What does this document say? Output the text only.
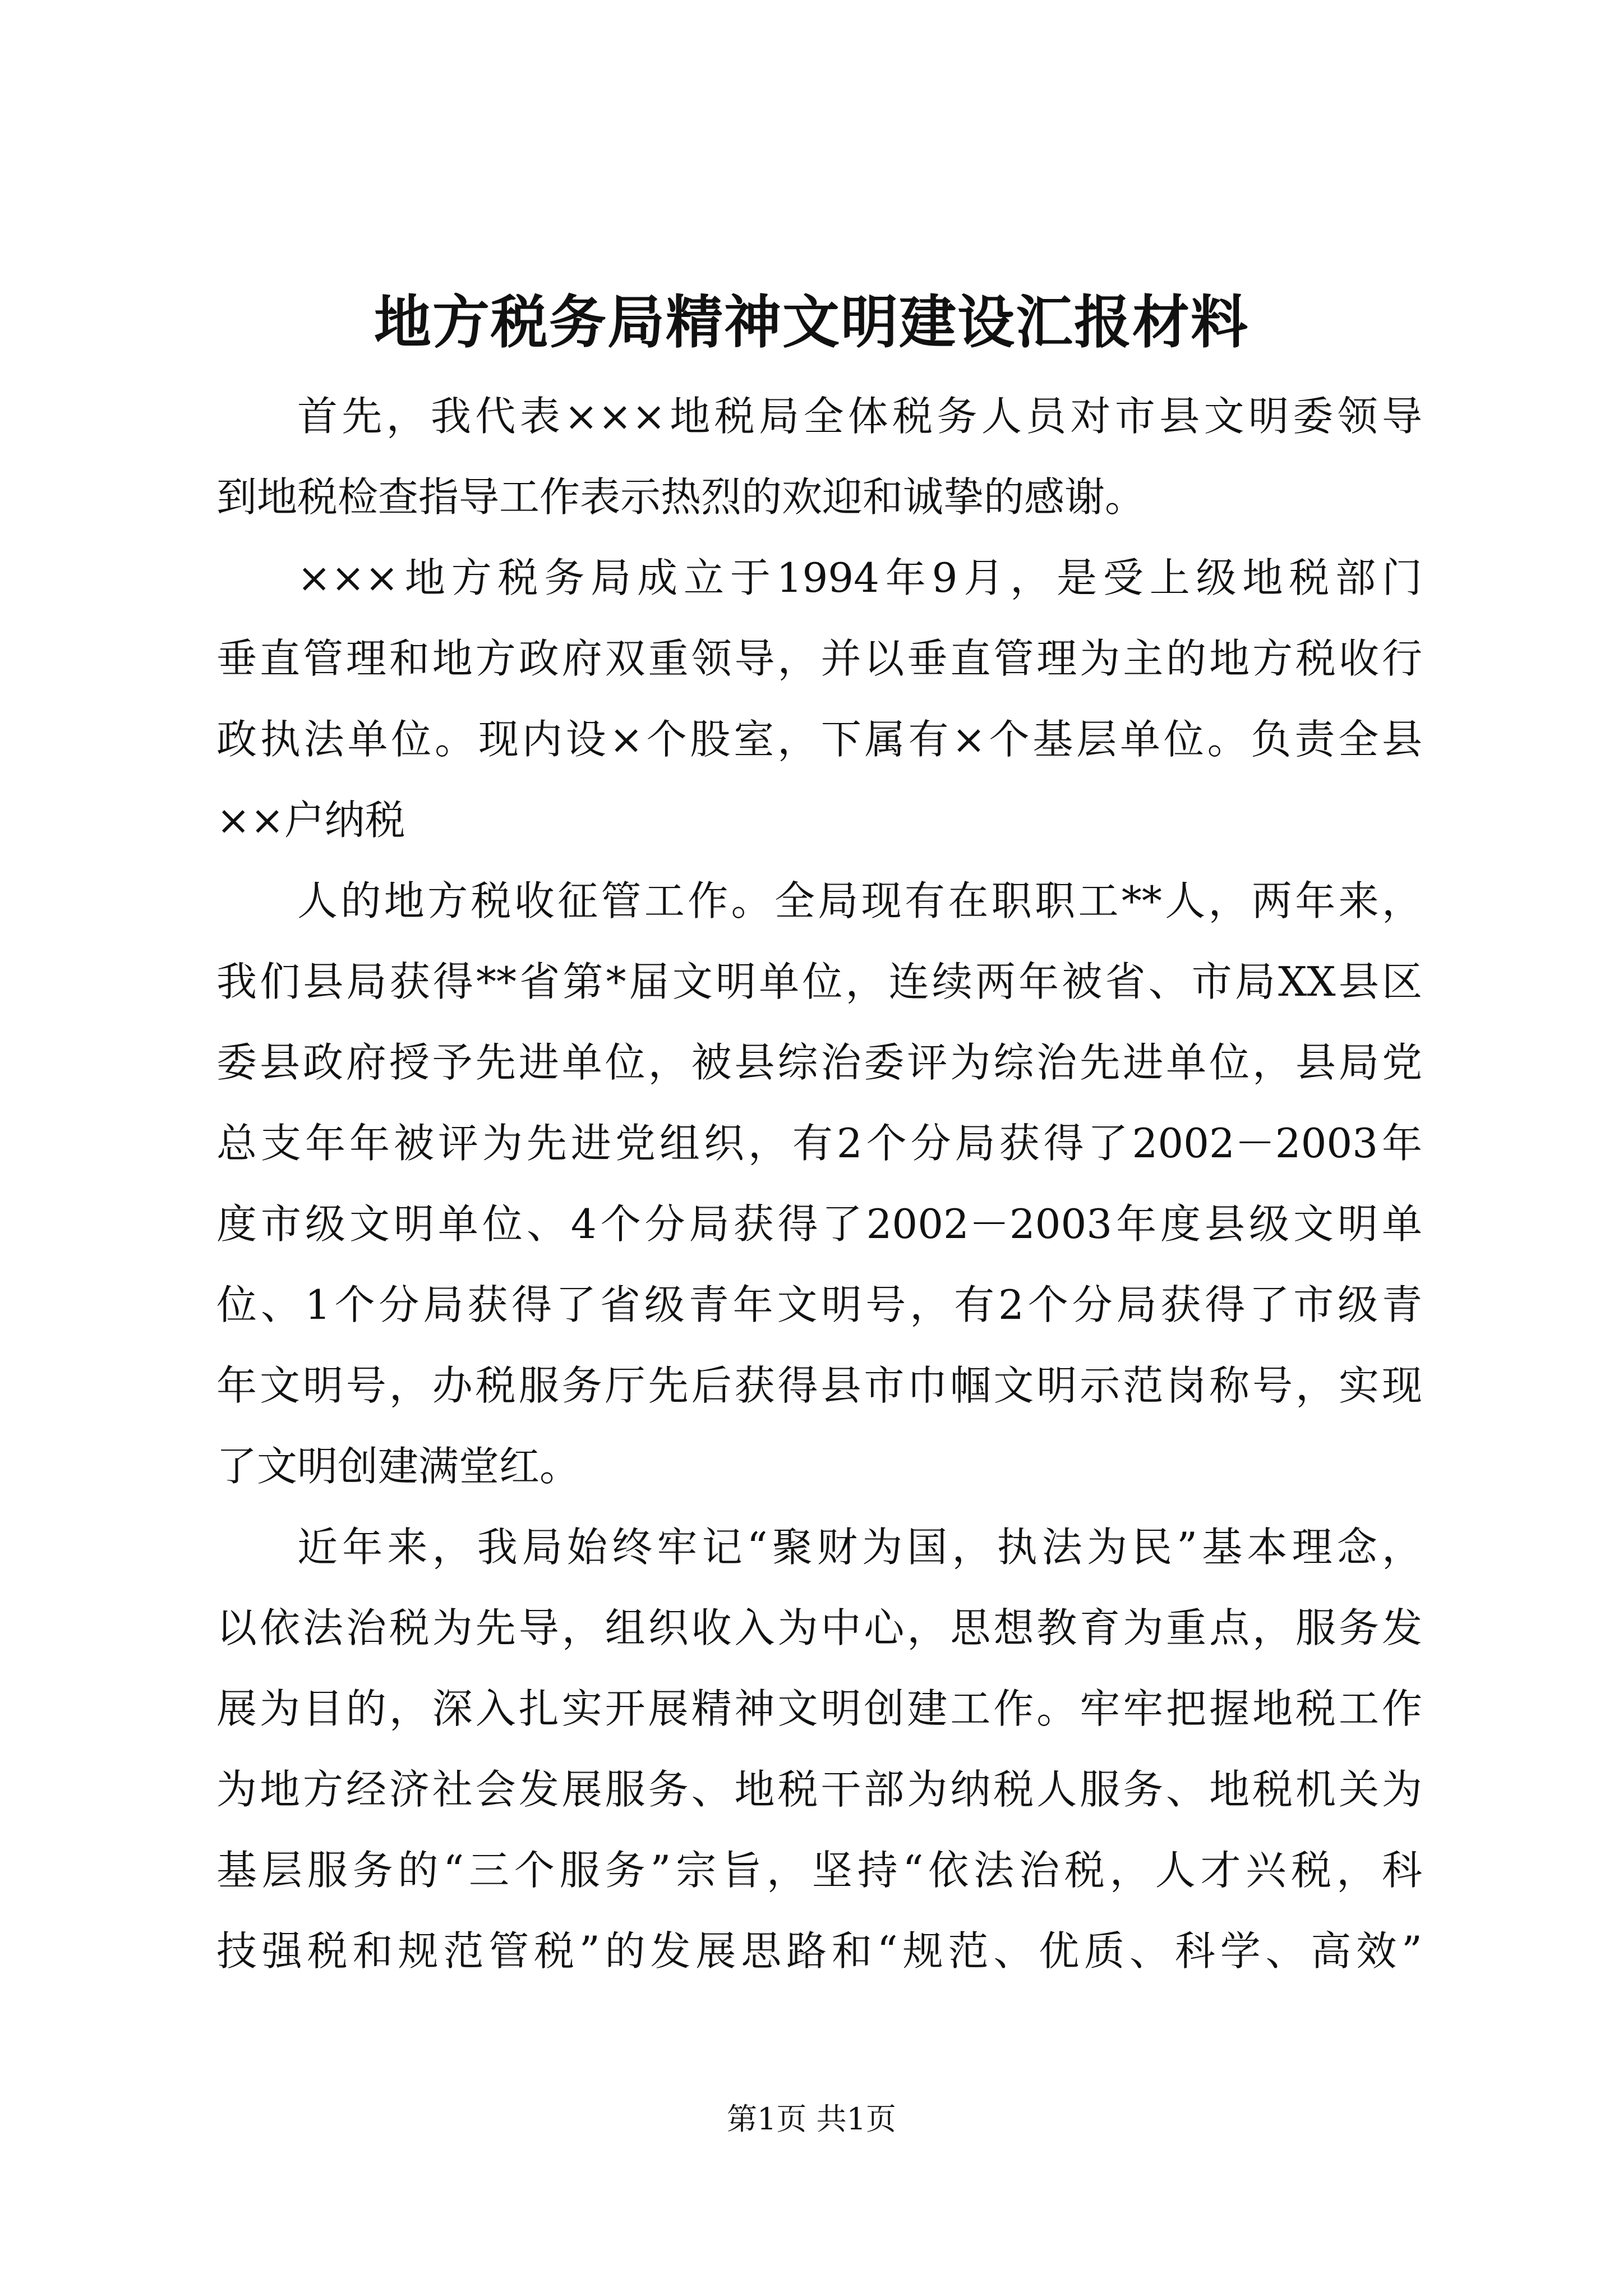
地方税务局精神文明建设汇报材料
首先，我代表×××地税局全体税务人员对市县文明委领导
到地税检查指导工作表示热烈的欢迎和诚挚的感谢。
×××地方税务局成立于1994年9月，是受上级地税部门
垂直管理和地方政府双重领导，并以垂直管理为主的地方税收行
政执法单位。现内设×个股室，下属有×个基层单位。负责全县
××户纳税
人的地方税收征管工作。全局现有在职职工**人，两年来，
我们县局获得**省第*届文明单位，连续两年被省、市局XX县区
委县政府授予先进单位，被县综治委评为综治先进单位，县局党
总支年年被评为先进党组织，有2个分局获得了2002－2003年
度市级文明单位、4个分局获得了2002－2003年度县级文明单
位、1个分局获得了省级青年文明号，有2个分局获得了市级青
年文明号，办税服务厅先后获得县市巾帼文明示范岗称号，实现
了文明创建满堂红。
近年来，我局始终牢记“聚财为国，执法为民”基本理念，
以依法治税为先导，组织收入为中心，思想教育为重点，服务发
展为目的，深入扎实开展精神文明创建工作。牢牢把握地税工作
为地方经济社会发展服务、地税干部为纳税人服务、地税机关为
基层服务的“三个服务”宗旨，坚持“依法治税，人才兴税，科
技强税和规范管税”的发展思路和“规范、优质、科学、高效”
第1页 共1页
